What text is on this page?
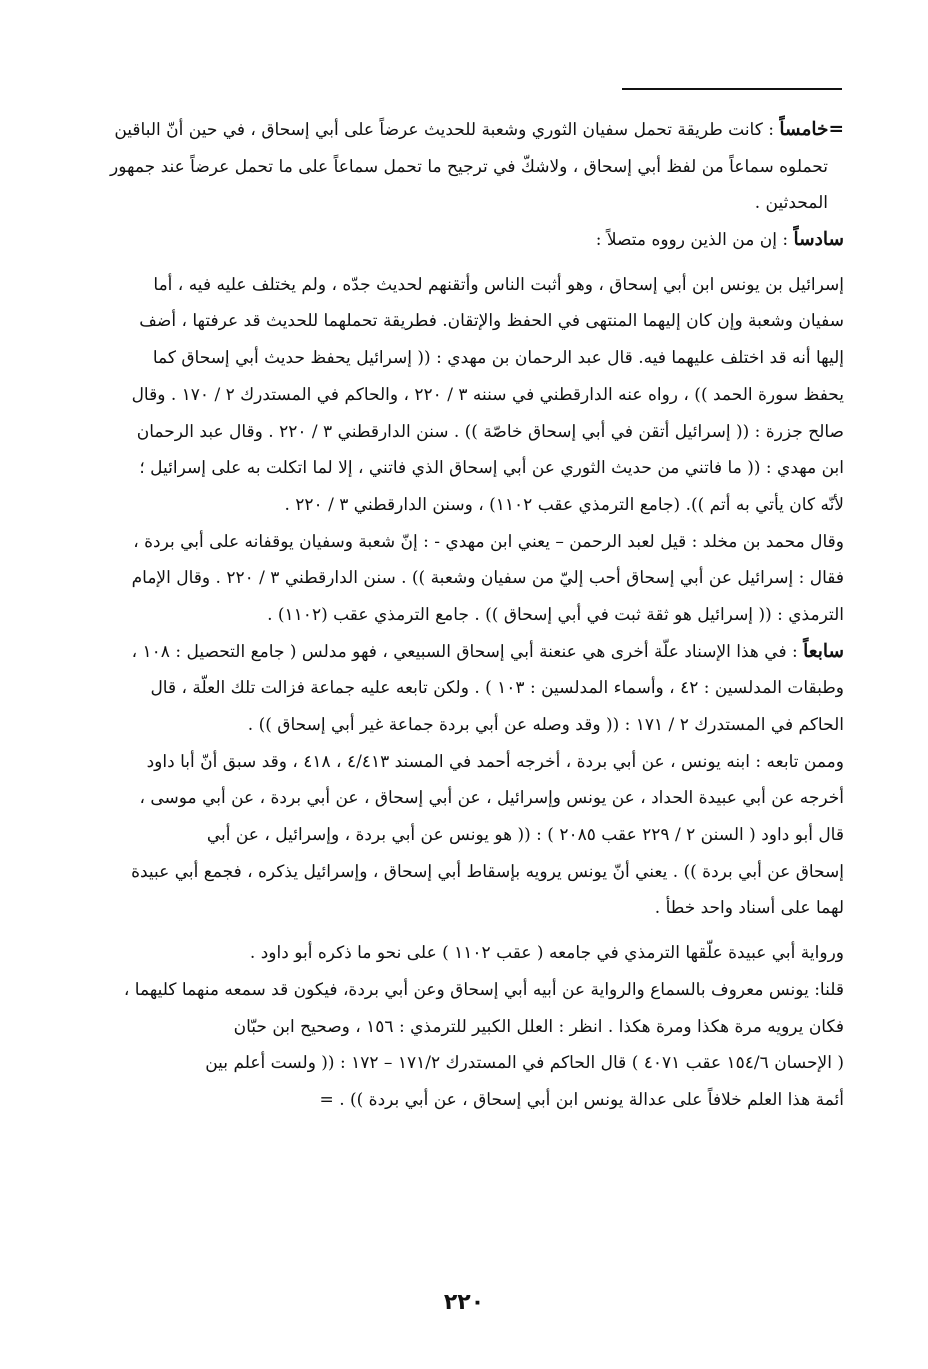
=خامساً : كانت طريقة تحمل سفيان الثوري وشعبة للحديث عرضاً على أبي إسحاق ، في حين أنّ الباقين
تحملوه سماعاً من لفظ أبي إسحاق ، ولاشكّ في ترجيح ما تحمل سماعاً على ما تحمل عرضاً عند جمهور
المحدثين .
سادساً : إن من الذين رووه متصلاً :
إسرائيل بن يونس ابن أبي إسحاق ، وهو أثبت الناس وأتقنهم لحديث جدّه ، ولم يختلف عليه فيه ، أما
سفيان وشعبة وإن كان إليهما المنتهى في الحفظ والإتقان. فطريقة تحملهما للحديث قد عرفتها ، أضف
إليها أنه قد اختلف عليهما فيه. قال عبد الرحمان بن مهدي : (( إسرائيل يحفظ حديث أبي إسحاق كما
يحفظ سورة الحمد )) ، رواه عنه الدارقطني في سننه ٣ / ٢٢٠ ، والحاكم في المستدرك ٢ / ١٧٠ . وقال
صالح جزرة : (( إسرائيل أتقن في أبي إسحاق خاصّة )) . سنن الدارقطني ٣ / ٢٢٠ . وقال عبد الرحمان
ابن مهدي : (( ما فاتني من حديث الثوري عن أبي إسحاق الذي فاتني ، إلا لما اتكلت به على إسرائيل ؛
لأنّه كان يأتي به أتم )). (جامع الترمذي عقب ١١٠٢) ، وسنن الدارقطني ٣ / ٢٢٠ .
وقال محمد بن مخلد : قيل لعبد الرحمن – يعني ابن مهدي - : إنّ شعبة وسفيان يوقفانه على أبي بردة ،
فقال : إسرائيل عن أبي إسحاق أحب إليّ من سفيان وشعبة )) . سنن الدارقطني ٣ / ٢٢٠ . وقال الإمام
الترمذي : (( إسرائيل هو ثقة ثبت في أبي إسحاق )) . جامع الترمذي عقب (١١٠٢) .
سابعاً : في هذا الإسناد علّة أخرى هي عنعنة أبي إسحاق السبيعي ، فهو مدلس ( جامع التحصيل : ١٠٨ ،
وطبقات المدلسين : ٤٢ ، وأسماء المدلسين : ١٠٣ ) . ولكن تابعه عليه جماعة فزالت تلك العلّة ، قال
الحاكم في المستدرك ٢ / ١٧١ : (( وقد وصله عن أبي بردة جماعة غير أبي إسحاق )) .
وممن تابعه : ابنه يونس ، عن أبي بردة ، أخرجه أحمد في المسند ٤/٤١٣ ، ٤١٨ ، وقد سبق أنّ أبا داود
أخرجه عن أبي عبيدة الحداد ، عن يونس وإسرائيل ، عن أبي إسحاق ، عن أبي بردة ، عن أبي موسى ،
قال أبو داود ( السنن ٢ / ٢٢٩ عقب ٢٠٨٥ ) : (( هو يونس عن أبي بردة ، وإسرائيل ، عن أبي
إسحاق عن أبي بردة )) . يعني أنّ يونس يرويه بإسقاط أبي إسحاق ، وإسرائيل يذكره ، فجمع أبي عبيدة
لهما على أسناد واحد خطأ .
ورواية أبي عبيدة علّقها الترمذي في جامعه ( عقب ١١٠٢ ) على نحو ما ذكره أبو داود .
قلنا: يونس معروف بالسماع والرواية عن أبيه أبي إسحاق وعن أبي بردة، فيكون قد سمعه منهما كليهما ،
فكان يرويه مرة هكذا ومرة هكذا . انظر : العلل الكبير للترمذي : ١٥٦ ، وصحيح ابن حبّان
( الإحسان ١٥٤/٦ عقب ٤٠٧١ ) قال الحاكم في المستدرك ١٧١/٢ – ١٧٢ : (( ولست أعلم بين
أئمة هذا العلم خلافاً على عدالة يونس ابن أبي إسحاق ، عن أبي بردة )) . =
٢٢٠
